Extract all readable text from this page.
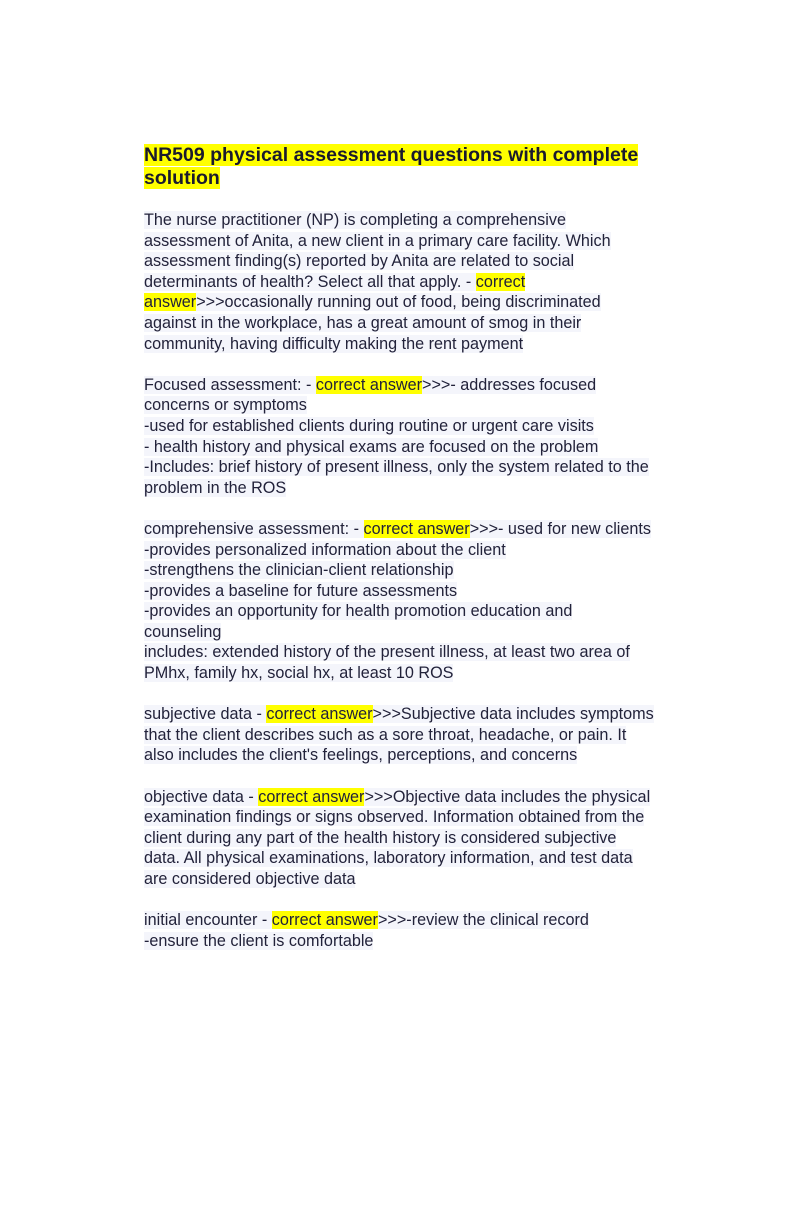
NR509 physical assessment questions with complete solution

The nurse practitioner (NP) is completing a comprehensive assessment of Anita, a new client in a primary care facility. Which assessment finding(s) reported by Anita are related to social determinants of health? Select all that apply. - correct answer>>>occasionally running out of food, being discriminated against in the workplace, has a great amount of smog in their community, having difficulty making the rent payment

Focused assessment: - correct answer>>>- addresses focused concerns or symptoms

-used for established clients during routine or urgent care visits

- health history and physical exams are focused on the problem

-Includes: brief history of present illness, only the system related to the problem in the ROS

comprehensive assessment: - correct answer>>>- used for new clients

-provides personalized information about the client

-strengthens the clinician-client relationship

-provides a baseline for future assessments

-provides an opportunity for health promotion education and counseling

includes: extended history of the present illness, at least two area of PMhx, family hx, social hx, at least 10 ROS

subjective data - correct answer>>>Subjective data includes symptoms that the client describes such as a sore throat, headache, or pain. It also includes the client's feelings, perceptions, and concerns

objective data - correct answer>>>Objective data includes the physical examination findings or signs observed. Information obtained from the client during any part of the health history is considered subjective data. All physical examinations, laboratory information, and test data are considered objective data

initial encounter - correct answer>>>-review the clinical record

-ensure the client is comfortable
